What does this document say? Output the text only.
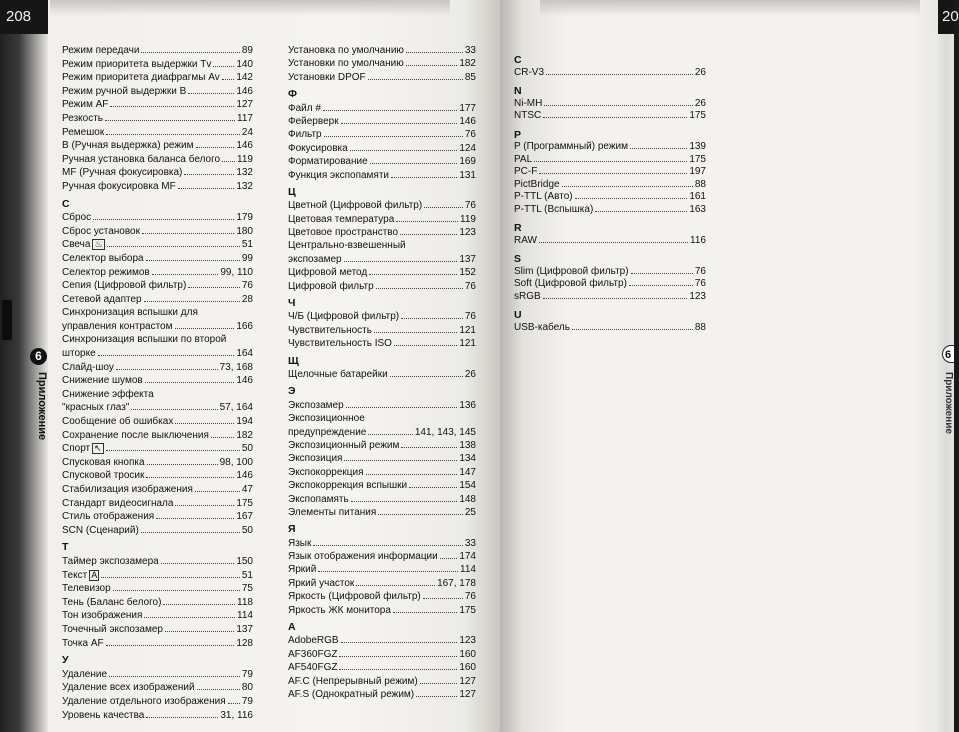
208
6
Приложение
Режим передачи	89
Режим приоритета выдержки Tv 140
Режим приоритета диафрагмы Av 142
Режим ручной выдержки B	146
Режим AF	127
Резкость	117
Ремешок	24
B (Ручная выдержка) режим	146
Ручная установка баланса белого 119
MF (Ручная фокусировка)	132
Ручная фокусировка MF	132
С
Сброс	179
Сброс установок	180
Свеча ♨	51
Селектор выбора	99
Селектор режимов	99, 110
Сепия (Цифровой фильтр)	76
Сетевой адаптер	28
Синхронизация вспышки для
управления контрастом	166
Синхронизация вспышки по второй
шторке	164
Слайд-шоу	73, 168
Снижение шумов	146
Снижение эффекта
"красных глаз"	57, 164
Сообщение об ошибках	194
Сохранение после выключения	182
Спорт ↖	50
Спусковая кнопка	98, 100
Спусковой тросик	146
Стабилизация изображения	47
Стандарт видеосигнала	175
Стиль отображения	167
SCN (Сценарий)	50
Т
Таймер экспозамера	150
Текст A	51
Телевизор	75
Тень (Баланс белого)	118
Тон изображения	114
Точечный экспозамер	137
Точка AF	128
У
Удаление	79
Удаление всех изображений	80
Удаление отдельного изображения 79
Уровень качества	31, 116
Установка по умолчанию	33
Установки по умолчанию	182
Установки DPOF	85
Ф
Файл #	177
Фейерверк	146
Фильтр	76
Фокусировка	124
Форматирование	169
Функция экспопамяти	131
Ц
Цветной (Цифровой фильтр)	76
Цветовая температура	119
Цветовое пространство	123
Центрально-взвешенный
экспозамер	137
Цифровой метод	152
Цифровой фильтр	76
Ч
Ч/Б (Цифровой фильтр)	76
Чувствительность	121
Чувствительность ISO	121
Щ
Щелочные батарейки	26
Э
Экспозамер	136
Экспозиционное
предупреждение	141, 143, 145
Экспозиционный режим	138
Экспозиция	134
Экспокоррекция	147
Экспокоррекция вспышки	154
Экспопамять	148
Элементы питания	25
Я
Язык	33
Язык отображения информации 174
Яркий	114
Яркий участок	167, 178
Яркость (Цифровой фильтр)	76
Яркость ЖК монитора	175
A
AdobeRGB	123
AF360FGZ	160
AF540FGZ	160
AF.C (Непрерывный режим)	127
AF.S (Однократный режим)	127
20
6
Приложение
C
CR-V3	26
N
Ni-MH	26
NTSC	175
P
P (Программный) режим	139
PAL	175
PC-F	197
PictBridge	88
P-TTL (Авто)	161
P-TTL (Вспышка)	163
R
RAW	116
S
Slim (Цифровой фильтр)	76
Soft (Цифровой фильтр)	76
sRGB	123
U
USB-кабель	88
